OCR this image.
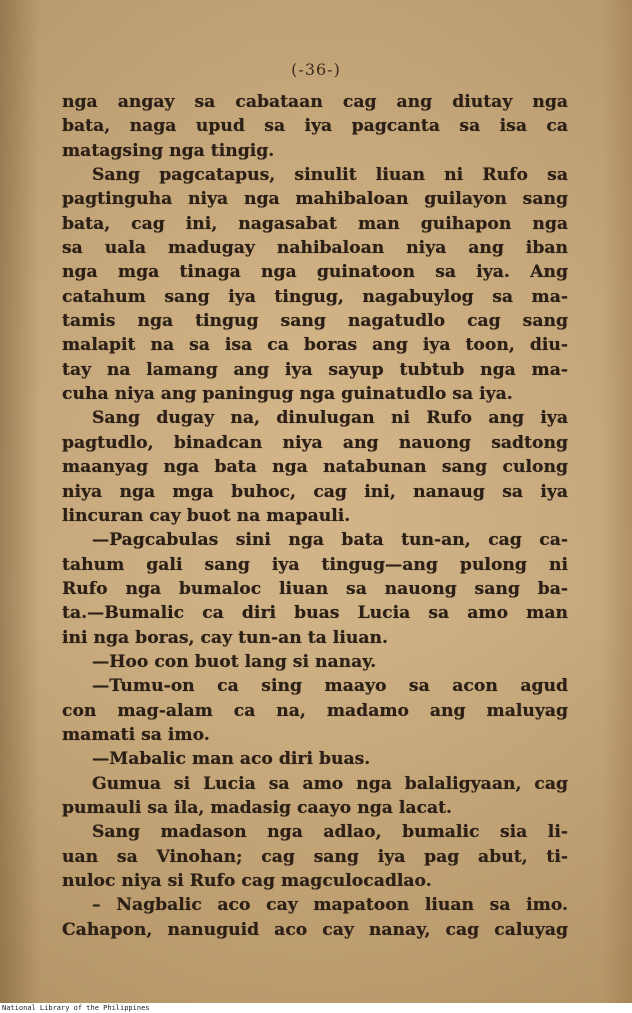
(-36-)
nga angay sa cabataan cag ang diutay nga
bata, naga upud sa iya pagcanta sa isa ca
matagsing nga tingig.
Sang pagcatapus, sinulit liuan ni Rufo sa
pagtinguha niya nga mahibaloan guilayon sang
bata, cag ini, nagasabat man guihapon nga
sa uala madugay nahibaloan niya ang iban
nga mga tinaga nga guinatoon sa iya. Ang
catahum sang iya tingug, nagabuylog sa ma-
tamis nga tingug sang nagatudlo cag sang
malapit na sa isa ca boras ang iya toon, diu-
tay na lamang ang iya sayup tubtub nga ma-
cuha niya ang paningug nga guinatudlo sa iya.
Sang dugay na, dinulugan ni Rufo ang iya
pagtudlo, binadcan niya ang nauong sadtong
maanyag nga bata nga natabunan sang culong
niya nga mga buhoc, cag ini, nanaug sa iya
lincuran cay buot na mapauli.
—Pagcabulas sini nga bata tun-an, cag ca-
tahum gali sang iya tingug—ang pulong ni
Rufo nga bumaloc liuan sa nauong sang ba-
ta.—Bumalic ca diri buas Lucia sa amo man
ini nga boras, cay tun-an ta liuan.
—Hoo con buot lang si nanay.
—Tumu-on ca sing maayo sa acon agud
con mag-alam ca na, madamo ang maluyag
mamati sa imo.
—Mabalic man aco diri buas.
Gumua si Lucia sa amo nga balaligyaan, cag
pumauli sa ila, madasig caayo nga lacat.
Sang madason nga adlao, bumalic sia li-
uan sa Vinohan; cag sang iya pag abut, ti-
nuloc niya si Rufo cag magculocadlao.
– Nagbalic aco cay mapatoon liuan sa imo.
Cahapon, nanuguid aco cay nanay, cag caluyag
National Library of the Philippines
